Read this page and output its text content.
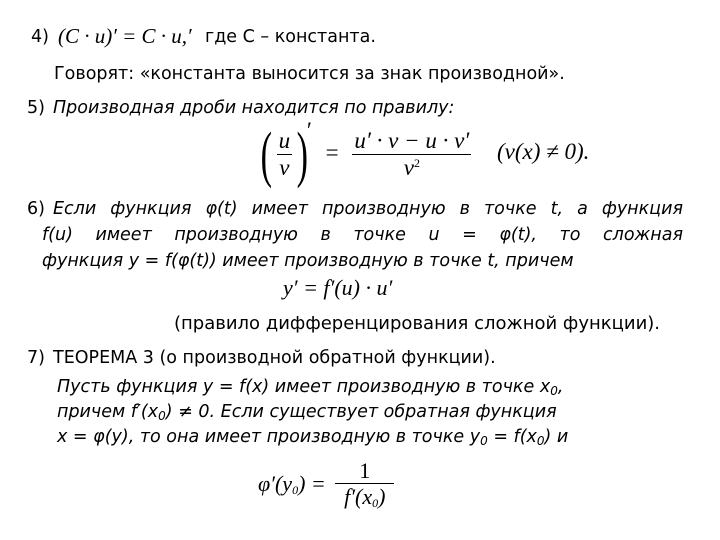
4) (C · u)′ = C · u,′ где С – константа.
Говорят: «константа выносится за знак производной».
5) Производная дроби находится по правилу:
( $\frac{u}{v}$ )′ = $\frac{u' \cdot v - u \cdot v'}{v^2} (v(x) \ne 0)$.
6) Если функция φ(t) имеет производную в точке t, а функция
f(u) имеет производную в точке u = φ(t), то сложная
функция y = f(φ(t)) имеет производную в точке t, причем
y′ = f′(u) · u′
(правило дифференцирования сложной функции).
7) ТЕОРЕМА 3 (о производной обратной функции).
Пусть функция y = f(x) имеет производную в точке $x_0$,
причем $f'(x_0) \ne 0$. Если существует обратная функция
x = φ(y), то она имеет производную в точке $y_0 = f(x_0)$ и
$\varphi'(y_0) = \frac{1}{f'(x_0)}$
